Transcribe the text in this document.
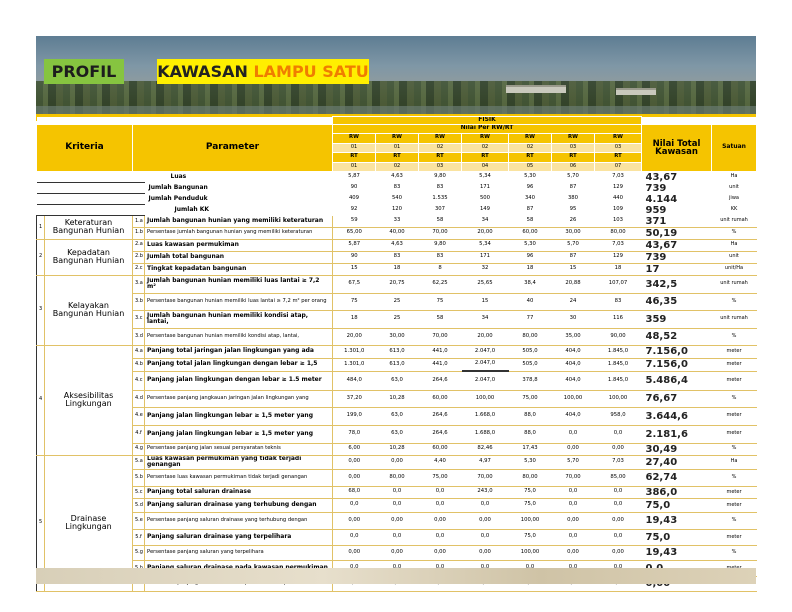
PROFIL	KAWASAN LAMPU SATU
				FISIK								
Kriteria		Parameter		Nilai Per RW/RT							Nilai Total Kawasan	Satuan
				RW	RW	RW	RW	RW	RW	RW		
				01	01	02	02	02	03	03		
				RT	RT	RT	RT	RT	RT	RT		
				01	02	03	04	05	06	07		
			Luas	5,87	4,63	9,80	5,34	5,30	5,70	7,03	43,67	Ha
			Jumlah Bangunan	90	83	83	171	96	87	129	739	unit
			Jumlah Penduduk	409	540	1.535	500	340	380	440	4.144	jiwa
			Jumlah KK	92	120	307	149	87	95	109	959	KK
1	Keteraturan Bangunan Hunian	1.a	Jumlah bangunan hunian yang memiliki keteraturan	59	33	58	34	58	26	103	371	unit rumah
		1.b	Persentase jumlah bangunan hunian yang memiliki keteraturan	65,00	40,00	70,00	20,00	60,00	30,00	80,00	50,19	%
2	Kepadatan Bangunan Hunian	2.a	Luas kawasan permukiman	5,87	4,63	9,80	5,34	5,30	5,70	7,03	43,67	Ha
		2.b	Jumlah total bangunan	90	83	83	171	96	87	129	739	unit
		2.c	Tingkat kepadatan bangunan	15	18	8	32	18	15	18	17	unit/Ha
3	Kelayakan Bangunan Hunian	3.a	Jumlah bangunan hunian memiliki luas lantai ≥ 7,2 m²	67,5	20,75	62,25	25,65	38,4	20,88	107,07	342,5	unit rumah
		3.b	Persentase bangunan hunian memiliki luas lantai ≥ 7,2 m² per orang	75	25	75	15	40	24	83	46,35	%
		3.c	Jumlah bangunan hunian memiliki kondisi atap, lantai,	18	25	58	34	77	30	116	359	unit rumah
		3.d	Persentase bangunan hunian memiliki kondisi atap, lantai,	20,00	30,00	70,00	20,00	80,00	35,00	90,00	48,52	%
4	Aksesibilitas Lingkungan	4.a	Panjang total jaringan jalan lingkungan yang ada	1.301,0	613,0	441,0	2.047,0	505,0	404,0	1.845,0	7.156,0	meter
		4.b	Panjang total jalan lingkungan dengan lebar ≥ 1,5	1.301,0	613,0	441,0	2.047,0	505,0	404,0	1.845,0	7.156,0	meter
		4.c	Panjang jalan lingkungan dengan lebar ≥ 1.5 meter	484,0	63,0	264,6	2.047,0	378,8	404,0	1.845,0	5.486,4	meter
		4.d	Persentase panjang jangkauan jaringan jalan lingkungan yang	37,20	10,28	60,00	100,00	75,00	100,00	100,00	76,67	%
		4.e	Panjang jalan lingkungan lebar ≥ 1,5 meter yang	199,0	63,0	264,6	1.668,0	88,0	404,0	958,0	3.644,6	meter
		4.f	Panjang jalan lingkungan lebar ≥ 1,5 meter yang	78,0	63,0	264,6	1.688,0	88,0	0,0	0,0	2.181,6	meter
		4.g	Persentase panjang jalan sesuai persyaratan teknis	6,00	10,28	60,00	82,46	17,43	0,00	0,00	30,49	%
5	Drainase Lingkungan	5.a	Luas kawasan permukiman yang tidak terjadi genangan	0,00	0,00	4,40	4,97	5,30	5,70	7,03	27,40	Ha
		5.b	Persentase luas kawasan permukiman tidak terjadi genangan	0,00	80,00	75,00	70,00	80,00	70,00	85,00	62,74	%
		5.c	Panjang total saluran drainase	68,0	0,0	0,0	243,0	75,0	0,0	0,0	386,0	meter
		5.d	Panjang saluran drainase yang terhubung dengan	0,0	0,0	0,0	0,0	75,0	0,0	0,0	75,0	meter
		5.e	Persentase panjang saluran drainase yang terhubung dengan	0,00	0,00	0,00	0,00	100,00	0,00	0,00	19,43	%
		5.f	Panjang saluran drainase yang terpelihara	0,0	0,0	0,0	0,0	75,0	0,0	0,0	75,0	meter
		5.g	Persentase panjang saluran yang terpelihara	0,00	0,00	0,00	0,00	100,00	0,00	0,00	19,43	%
